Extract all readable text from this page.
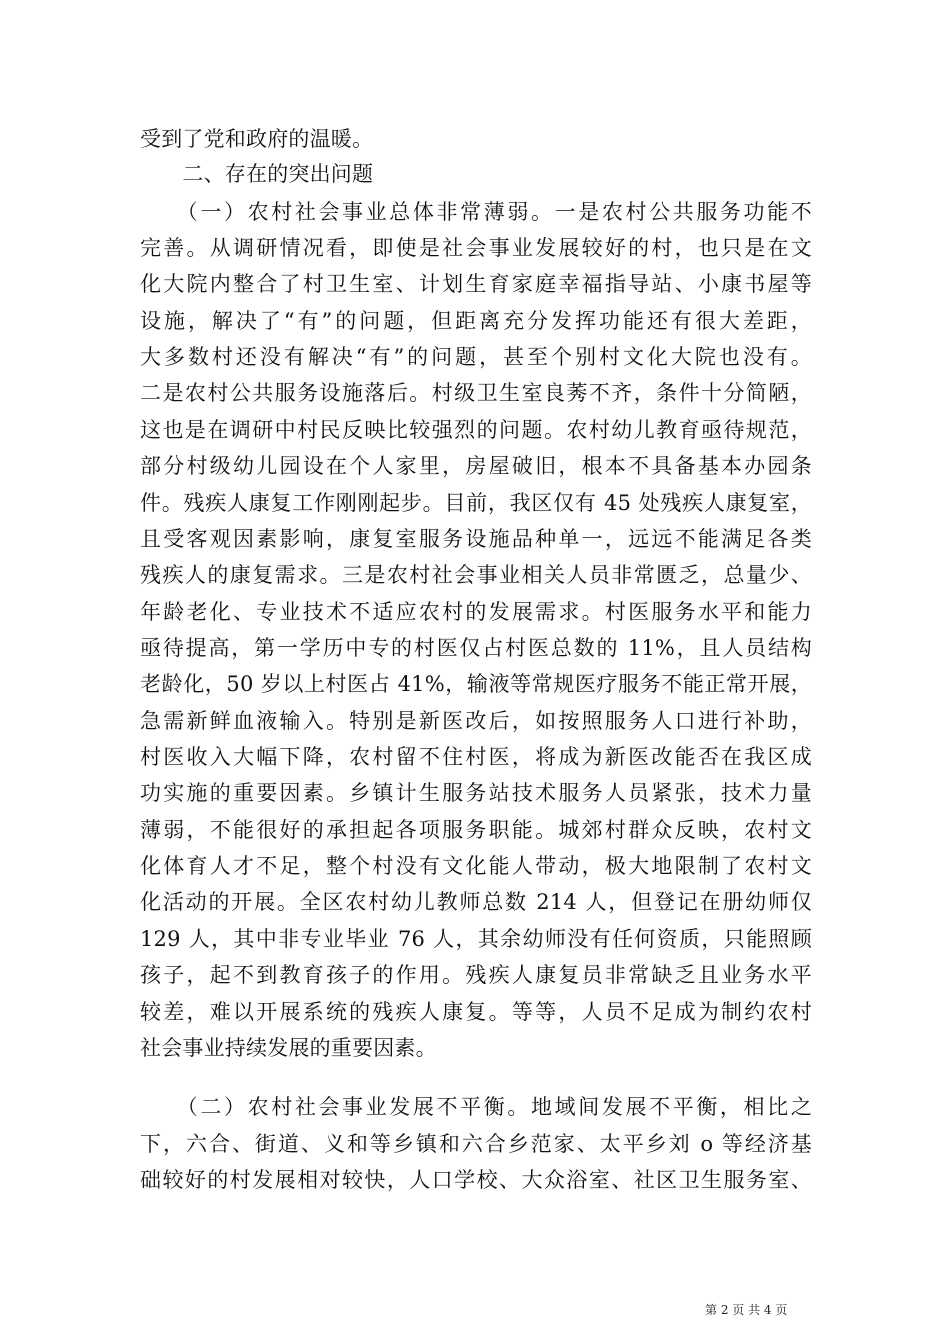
受到了党和政府的温暖。
　　二、存在的突出问题
　　（一）农村社会事业总体非常薄弱。一是农村公共服务功能不
完善。从调研情况看，即使是社会事业发展较好的村，也只是在文
化大院内整合了村卫生室、计划生育家庭幸福指导站、小康书屋等
设施，解决了“有”的问题，但距离充分发挥功能还有很大差距，
大多数村还没有解决“有”的问题，甚至个别村文化大院也没有。
二是农村公共服务设施落后。村级卫生室良莠不齐，条件十分简陋，
这也是在调研中村民反映比较强烈的问题。农村幼儿教育亟待规范，
部分村级幼儿园设在个人家里，房屋破旧，根本不具备基本办园条
件。残疾人康复工作刚刚起步。目前，我区仅有 45 处残疾人康复室，
且受客观因素影响，康复室服务设施品种单一，远远不能满足各类
残疾人的康复需求。三是农村社会事业相关人员非常匮乏，总量少、
年龄老化、专业技术不适应农村的发展需求。村医服务水平和能力
亟待提高，第一学历中专的村医仅占村医总数的 11%，且人员结构
老龄化，50 岁以上村医占 41%，输液等常规医疗服务不能正常开展，
急需新鲜血液输入。特别是新医改后，如按照服务人口进行补助，
村医收入大幅下降，农村留不住村医，将成为新医改能否在我区成
功实施的重要因素。乡镇计生服务站技术服务人员紧张，技术力量
薄弱，不能很好的承担起各项服务职能。城郊村群众反映，农村文
化体育人才不足，整个村没有文化能人带动，极大地限制了农村文
化活动的开展。全区农村幼儿教师总数 214 人，但登记在册幼师仅
129 人，其中非专业毕业 76 人，其余幼师没有任何资质，只能照顾
孩子，起不到教育孩子的作用。残疾人康复员非常缺乏且业务水平
较差，难以开展系统的残疾人康复。等等，人员不足成为制约农村
社会事业持续发展的重要因素。
　　（二）农村社会事业发展不平衡。地域间发展不平衡，相比之
下，六合、街道、义和等乡镇和六合乡范家、太平乡刘 o 等经济基
础较好的村发展相对较快，人口学校、大众浴室、社区卫生服务室、
第 2 页 共 4 页
